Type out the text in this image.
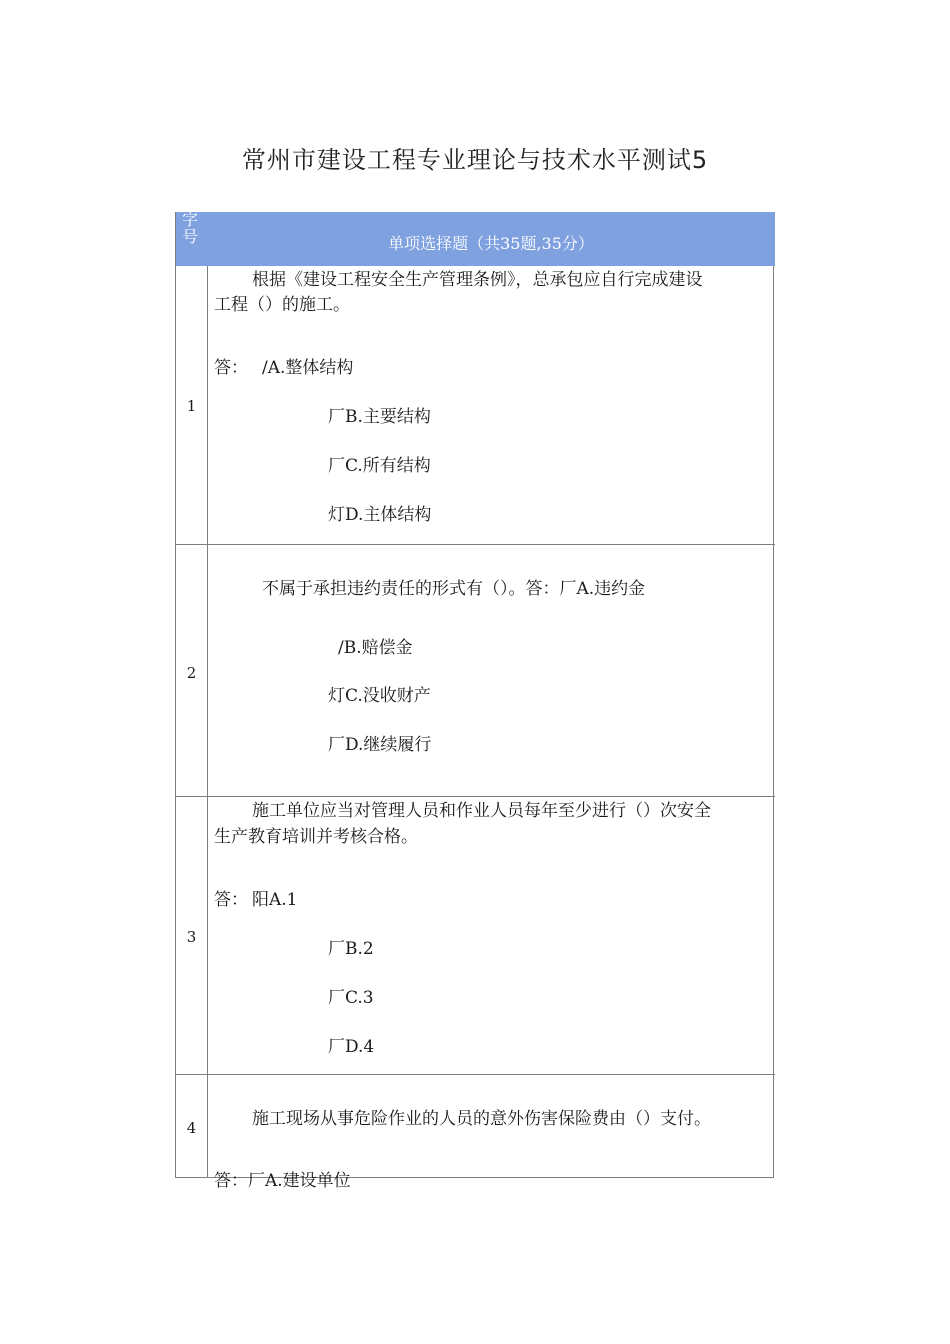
常州市建设工程专业理论与技术水平测试5
字号	单项选择题（共35题,35分）
1
根据《建设工程安全生产管理条例》，总承包应自行完成建设
工程（）的施工。
答： /A.整体结构
厂B.主要结构
厂C.所有结构
灯D.主体结构
2
不属于承担违约责任的形式有（）。答：厂A.违约金
/B.赔偿金
灯C.没收财产
厂D.继续履行
3
施工单位应当对管理人员和作业人员每年至少进行（）次安全
生产教育培训并考核合格。
答： 阳A.1
厂B.2
厂C.3
厂D.4
4	施工现场从事危险作业的人员的意外伤害保险费由（）支付。
答：厂A.建设单位
